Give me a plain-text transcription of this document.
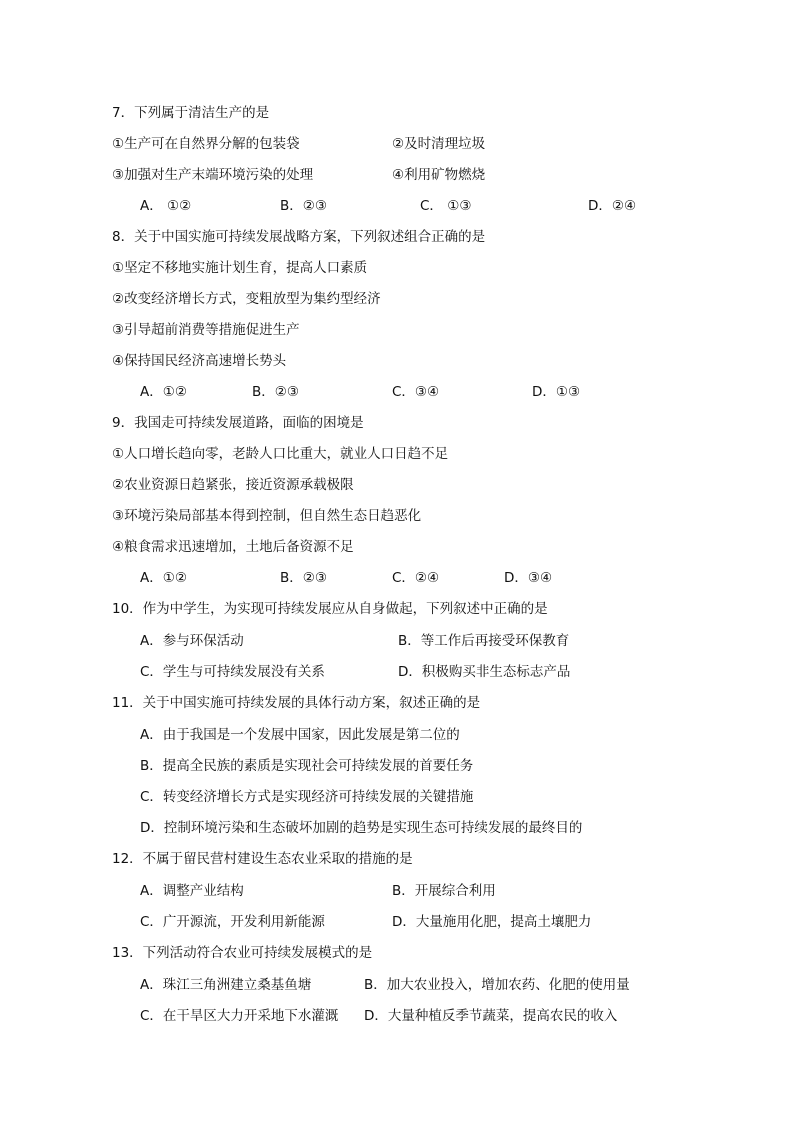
7．下列属于清洁生产的是
①生产可在自然界分解的包装袋	②及时清理垃圾
③加强对生产末端环境污染的处理	④利用矿物燃烧
A． ①②	B．②③	C． ①③	D．②④
8．关于中国实施可持续发展战略方案，下列叙述组合正确的是
①坚定不移地实施计划生育，提高人口素质
②改变经济增长方式，变粗放型为集约型经济
③引导超前消费等措施促进生产
④保持国民经济高速增长势头
A．①②	B．②③	C．③④	D．①③
9．我国走可持续发展道路，面临的困境是
①人口增长趋向零，老龄人口比重大，就业人口日趋不足
②农业资源日趋紧张，接近资源承载极限
③环境污染局部基本得到控制，但自然生态日趋恶化
④粮食需求迅速增加，土地后备资源不足
A．①②	B．②③	C．②④	D．③④
10．作为中学生，为实现可持续发展应从自身做起，下列叙述中正确的是
A．参与环保活动	B．等工作后再接受环保教育
C．学生与可持续发展没有关系	D．积极购买非生态标志产品
11．关于中国实施可持续发展的具体行动方案，叙述正确的是
A．由于我国是一个发展中国家，因此发展是第二位的
B．提高全民族的素质是实现社会可持续发展的首要任务
C．转变经济增长方式是实现经济可持续发展的关键措施
D．控制环境污染和生态破坏加剧的趋势是实现生态可持续发展的最终目的
12．不属于留民营村建设生态农业采取的措施的是
A．调整产业结构	B．开展综合利用
C．广开源流，开发利用新能源	D．大量施用化肥，提高土壤肥力
13．下列活动符合农业可持续发展模式的是
A．珠江三角洲建立桑基鱼塘	B．加大农业投入，增加农药、化肥的使用量
C．在干旱区大力开采地下水灌溉 D．大量种植反季节蔬菜，提高农民的收入
